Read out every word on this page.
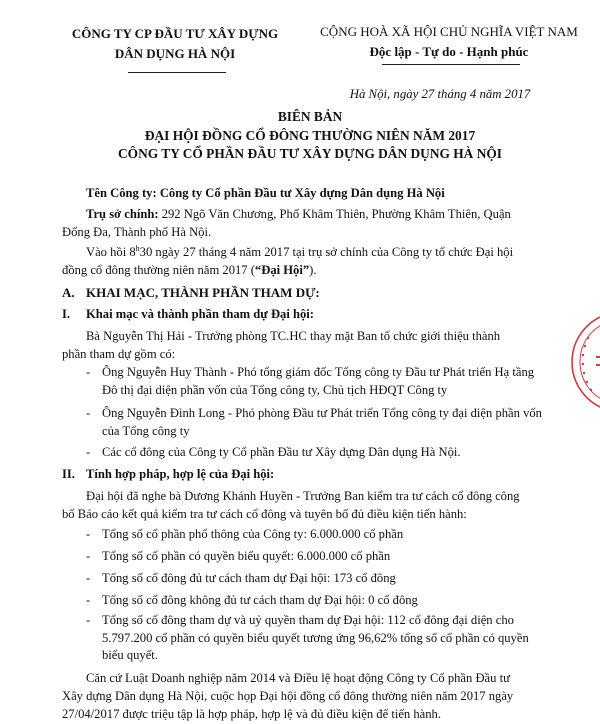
CÔNG TY CP ĐẦU TƯ XÂY DỰNG
DÂN DỤNG HÀ NỘI
CỘNG HOÀ XÃ HỘI CHỦ NGHĨA VIỆT NAM
Độc lập - Tự do - Hạnh phúc
Hà Nội, ngày 27 tháng 4 năm 2017
BIÊN BẢN
ĐẠI HỘI ĐỒNG CỔ ĐÔNG THƯỜNG NIÊN NĂM 2017
CÔNG TY CỔ PHẦN ĐẦU TƯ XÂY DỰNG DÂN DỤNG HÀ NỘI
Tên Công ty: Công ty Cổ phần Đầu tư Xây dựng Dân dụng Hà Nội
Trụ sở chính: 292 Ngõ Văn Chương, Phố Khâm Thiên, Phường Khâm Thiên, Quận
Đống Đa, Thành phố Hà Nội.
Vào hồi 8$^h$30 ngày 27 tháng 4 năm 2017 tại trụ sở chính của Công ty tổ chức Đại hội
đồng cổ đông thường niên năm 2017 (“Đại Hội”).
A. KHAI MẠC, THÀNH PHẦN THAM DỰ:
I. Khai mạc và thành phần tham dự Đại hội:
Bà Nguyễn Thị Hải - Trưởng phòng TC.HC thay mặt Ban tổ chức giới thiệu thành
phần tham dự gồm có:
- Ông Nguyễn Huy Thành - Phó tổng giám đốc Tổng công ty Đầu tư Phát triển Hạ tầng
Đô thị đại diện phần vốn của Tổng công ty, Chủ tịch HĐQT Công ty
- Ông Nguyễn Đình Long - Phó phòng Đầu tư Phát triển Tổng công ty đại diện phần vốn
của Tổng công ty
- Các cổ đông của Công ty Cổ phần Đầu tư Xây dựng Dân dụng Hà Nội.
II. Tính hợp pháp, hợp lệ của Đại hội:
Đại hội đã nghe bà Dương Khánh Huyền - Trưởng Ban kiểm tra tư cách cổ đông công
bố Báo cáo kết quả kiểm tra tư cách cổ đông và tuyên bố đủ điều kiện tiến hành:
- Tổng số cổ phần phổ thông của Công ty: 6.000.000 cổ phần
- Tổng số cổ phần có quyền biểu quyết: 6.000.000 cổ phần
- Tổng số cổ đông đủ tư cách tham dự Đại hội: 173 cổ đông
- Tổng số cổ đông không đủ tư cách tham dự Đại hội: 0 cổ đông
- Tổng số cổ đông tham dự và uỷ quyền tham dự Đại hội: 112 cổ đông đại diện cho
5.797.200 cổ phần có quyền biểu quyết tương ứng 96,62% tổng số cổ phần có quyền
biểu quyết.
Căn cứ Luật Doanh nghiệp năm 2014 và Điều lệ hoạt động Công ty Cổ phần Đầu tư
Xây dựng Dân dụng Hà Nội, cuộc họp Đại hội đồng cổ đông thường niên năm 2017 ngày
27/04/2017 được triệu tập là hợp pháp, hợp lệ và đủ điều kiện để tiến hành.
